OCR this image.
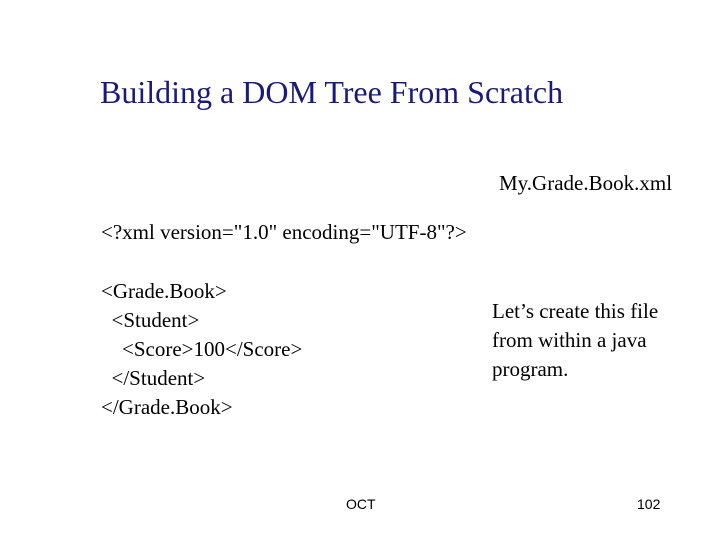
Building a DOM Tree From Scratch
My.Grade.Book.xml
<?xml version="1.0" encoding="UTF-8"?>
<Grade.Book>
<Student>
<Score>100</Score>
</Student>
</Grade.Book>
Let’s create this file
from within a java
program.
OCT	102
